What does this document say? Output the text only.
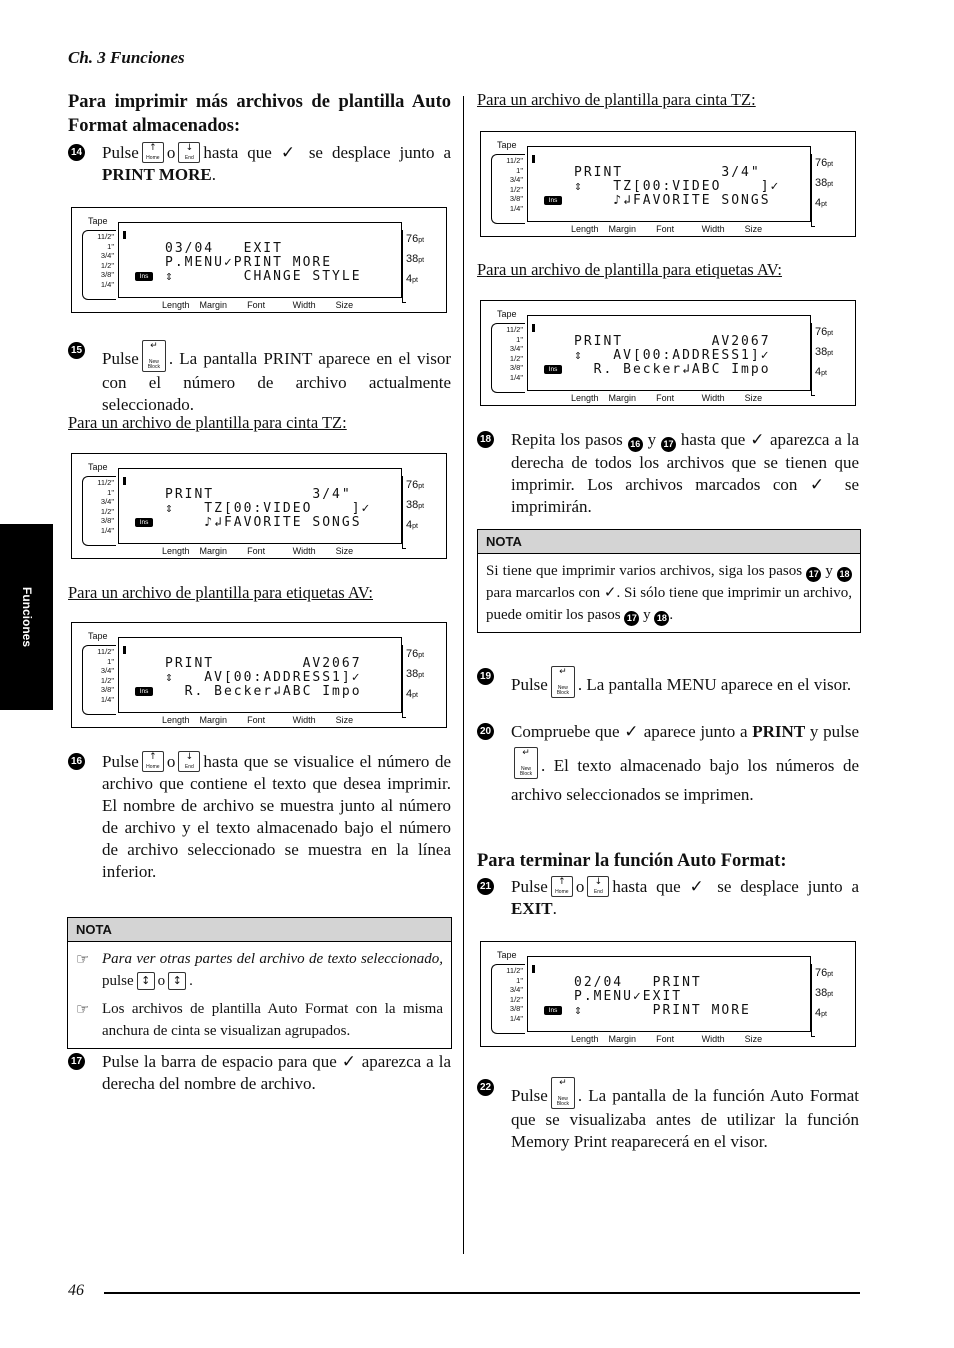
Ch. 3 Funciones
Funciones
46
Para imprimir más archivos de plantilla Auto Format almacenados:
14 Pulse	↑
Home o	↓
End hasta que ✓ se desplace junto a PRINT MORE.
Tape
11/2"
1"
3/4"
1/2"
3/8"
1/4"
Ins
03/04   EXIT
P.MENU✓PRINT MORE
⇕       CHANGE STYLE
76pt
38pt
4pt
Length Margin Font	Width Size
15 Pulse
↵
New Block . La pantalla PRINT aparece en el visor con el número de archivo actualmente seleccionado.
Para un archivo de plantilla para cinta TZ:
Tape
11/2"
1"
3/4"
1/2"
3/8"
1/4"
Ins
PRINT          3/4"
⇕   TZ[00:VIDEO    ]✓
♪↲FAVORITE SONGS
76pt
38pt
4pt
Length Margin Font	Width Size
Para un archivo de plantilla para etiquetas AV:
Tape
11/2"
1"
3/4"
1/2"
3/8"
1/4"
Ins
PRINT         AV2067
⇕   AV[00:ADDRESS1]✓
R. Becker↲ABC Impo
76pt
38pt
4pt
Length Margin Font	Width Size
16 Pulse	↑
Home o	↓
End hasta que se visualice el número de archivo que contiene el texto que desea imprimir. El nombre de archivo se muestra junto al número de archivo y el texto almacenado bajo el número de archivo seleccionado se muestra en la línea inferior.
NOTA
☞ Para ver otras partes del archivo de texto seleccionado, pulse ↕ o ↕ .
☞ Los archivos de plantilla Auto Format con la misma anchura de cinta se visualizan agrupados.
17 Pulse la barra de espacio para que ✓ aparezca a la derecha del nombre de archivo.
Para un archivo de plantilla para cinta TZ:
Tape
11/2"
1"
3/4"
1/2"
3/8"
1/4"
Ins
PRINT          3/4"
⇕   TZ[00:VIDEO    ]✓
♪↲FAVORITE SONGS
76pt
38pt
4pt
Length Margin Font	Width Size
Para un archivo de plantilla para etiquetas AV:
Tape
11/2"
1"
3/4"
1/2"
3/8"
1/4"
Ins
PRINT         AV2067
⇕   AV[00:ADDRESS1]✓
R. Becker↲ABC Impo
76pt
38pt
4pt
Length Margin Font	Width Size
18 Repita los pasos 16 y 17 hasta que ✓ aparezca a la derecha de todos los archivos que se tienen que imprimir. Los archivos marcados con ✓ se imprimirán.
NOTA
Si tiene que imprimir varios archivos, siga los pasos 17 y 18 para marcarlos con ✓. Si sólo tiene que imprimir un archivo, puede omitir los pasos 17 y 18 .
19 Pulse
↵
New Block . La pantalla MENU aparece en el visor.
20 Compruebe que ✓ aparece junto a PRINT y pulse
↵
New Block . El texto almacenado bajo los números de archivo seleccionados se imprimen.
Para terminar la función Auto Format:
21 Pulse	↑
Home o	↓
End hasta que ✓ se desplace junto a EXIT.
Tape
11/2"
1"
3/4"
1/2"
3/8"
1/4"
Ins
02/04   PRINT
P.MENU✓EXIT
⇕       PRINT MORE
76pt
38pt
4pt
Length Margin Font	Width Size
22 Pulse
↵
New Block . La pantalla de la función Auto Format que se visualizaba antes de utilizar la función Memory Print reaparecerá en el visor.
